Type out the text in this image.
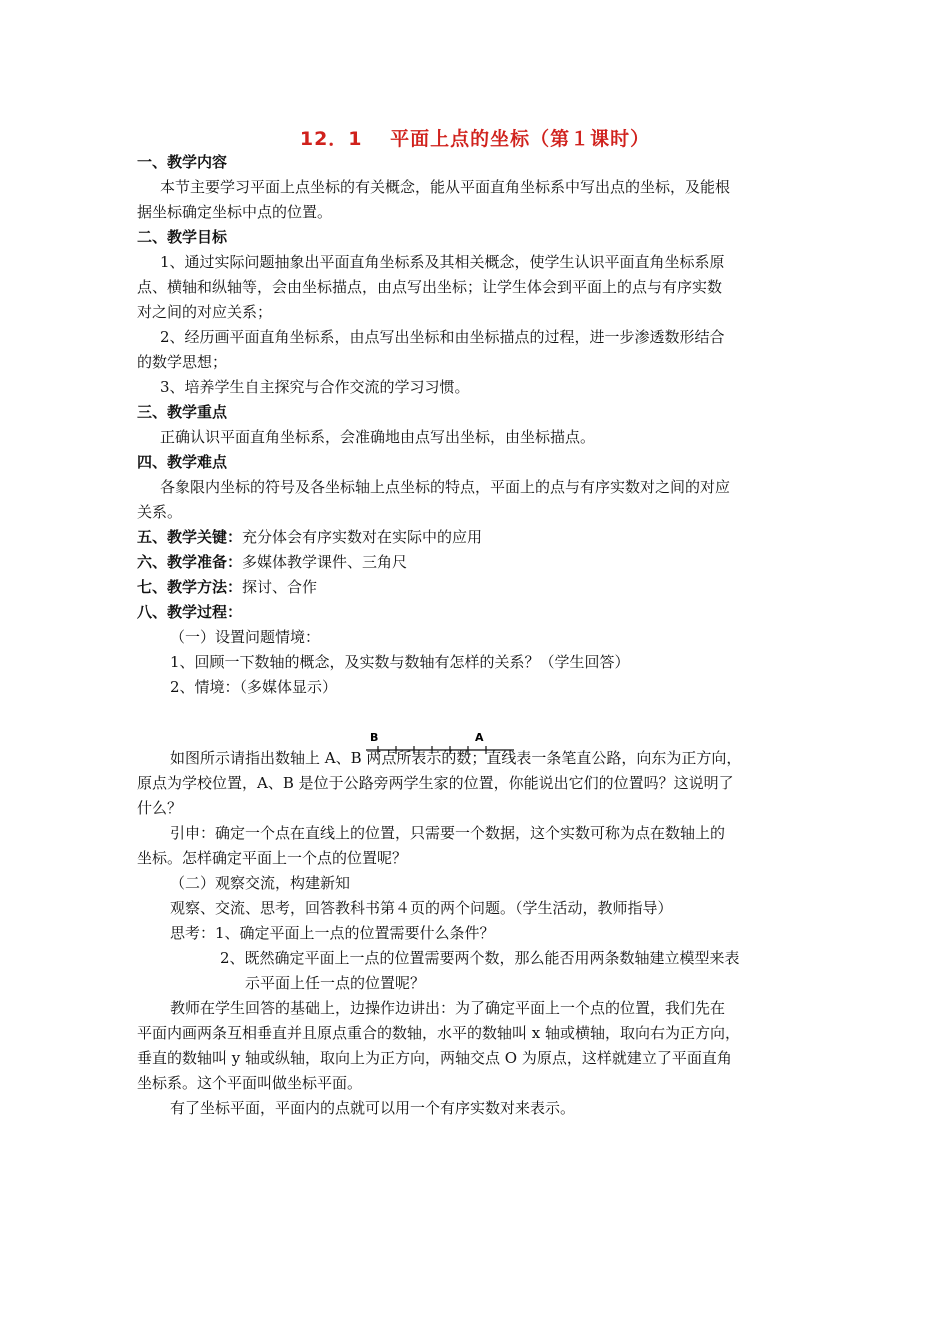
12．1　 平面上点的坐标（第１课时）
一、教学内容
本节主要学习平面上点坐标的有关概念，能从平面直角坐标系中写出点的坐标，及能根
据坐标确定坐标中点的位置。
二、教学目标
1、通过实际问题抽象出平面直角坐标系及其相关概念，使学生认识平面直角坐标系原
点、横轴和纵轴等，会由坐标描点，由点写出坐标；让学生体会到平面上的点与有序实数
对之间的对应关系；
2、经历画平面直角坐标系，由点写出坐标和由坐标描点的过程，进一步渗透数形结合
的数学思想；
3、培养学生自主探究与合作交流的学习习惯。
三、教学重点
正确认识平面直角坐标系，会准确地由点写出坐标，由坐标描点。
四、教学难点
各象限内坐标的符号及各坐标轴上点坐标的特点，平面上的点与有序实数对之间的对应
关系。
五、教学关键：充分体会有序实数对在实际中的应用
六、教学准备：多媒体教学课件、三角尺
七、教学方法：探讨、合作
八、教学过程：
（一）设置问题情境：
1、回顾一下数轴的概念，及实数与数轴有怎样的关系？（学生回答）
2、情境：（多媒体显示）
B	A
如图所示请指出数轴上 A、B 两点所表示的数；直线表一条笔直公路，向东为正方向，
原点为学校位置，A、B 是位于公路旁两学生家的位置，你能说出它们的位置吗？这说明了
什么？
引申：确定一个点在直线上的位置，只需要一个数据，这个实数可称为点在数轴上的
坐标。怎样确定平面上一个点的位置呢？
（二）观察交流，构建新知
观察、交流、思考，回答教科书第４页的两个问题。（学生活动，教师指导）
思考：1、确定平面上一点的位置需要什么条件？
2、既然确定平面上一点的位置需要两个数，那么能否用两条数轴建立模型来表
示平面上任一点的位置呢？
教师在学生回答的基础上，边操作边讲出：为了确定平面上一个点的位置，我们先在
平面内画两条互相垂直并且原点重合的数轴，水平的数轴叫 x 轴或横轴，取向右为正方向，
垂直的数轴叫 y 轴或纵轴，取向上为正方向，两轴交点 O 为原点，这样就建立了平面直角
坐标系。这个平面叫做坐标平面。
有了坐标平面，平面内的点就可以用一个有序实数对来表示。
